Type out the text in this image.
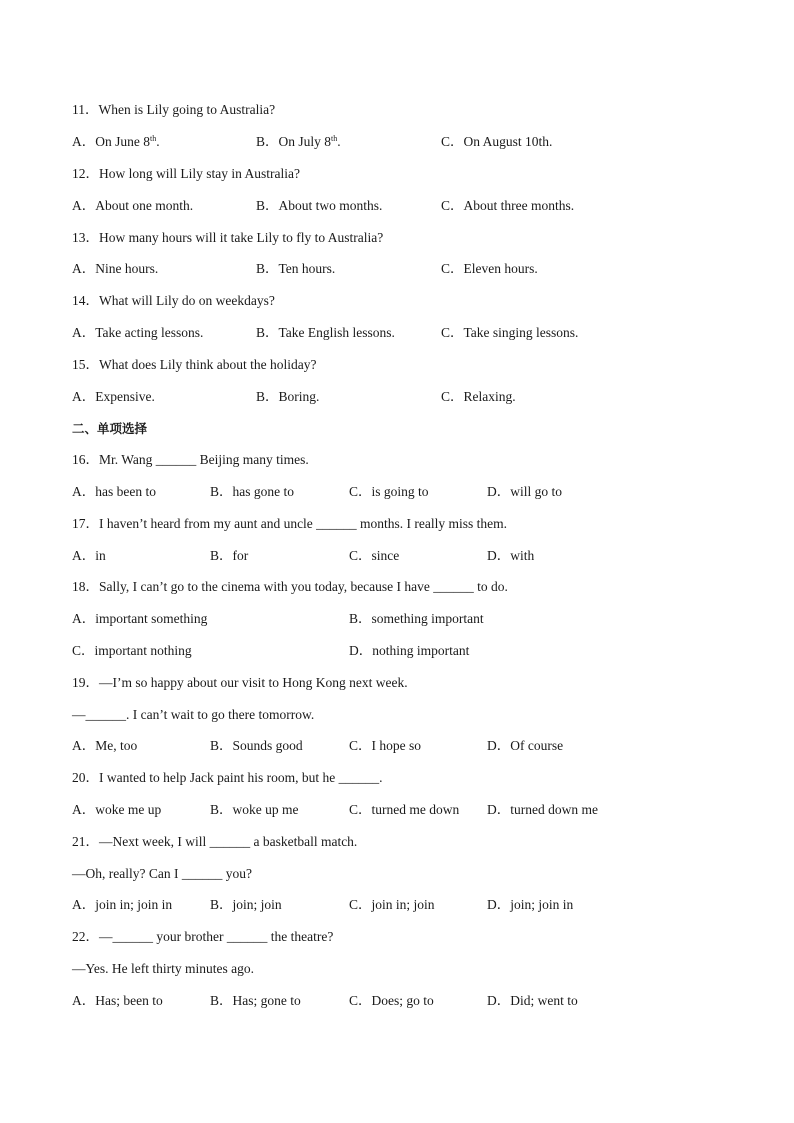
11．When is Lily going to Australia?
A．On June 8th.	B．On July 8th.	C．On August 10th.
12．How long will Lily stay in Australia?
A．About one month.	B．About two months.	C．About three months.
13．How many hours will it take Lily to fly to Australia?
A．Nine hours.	B．Ten hours.	C．Eleven hours.
14．What will Lily do on weekdays?
A．Take acting lessons.	B．Take English lessons.	C．Take singing lessons.
15．What does Lily think about the holiday?
A．Expensive.	B．Boring.	C．Relaxing.
二、单项选择
16．Mr. Wang ______ Beijing many times.
A．has been to	B．has gone to	C．is going to	D．will go to
17．I haven’t heard from my aunt and uncle ______ months. I really miss them.
A．in	B．for	C．since	D．with
18．Sally, I can’t go to the cinema with you today, because I have ______ to do.
A．important something	B．something important
C．important nothing	D．nothing important
19．—I’m so happy about our visit to Hong Kong next week.
—______. I can’t wait to go there tomorrow.
A．Me, too	B．Sounds good	C．I hope so	D．Of course
20．I wanted to help Jack paint his room, but he ______.
A．woke me up	B．woke up me	C．turned me down D．turned down me
21．—Next week, I will ______ a basketball match.
—Oh, really? Can I ______ you?
A．join in; join in	B．join; join	C．join in; join	D．join; join in
22．—______ your brother ______ the theatre?
—Yes. He left thirty minutes ago.
A．Has; been to	B．Has; gone to	C．Does; go to	D．Did; went to
